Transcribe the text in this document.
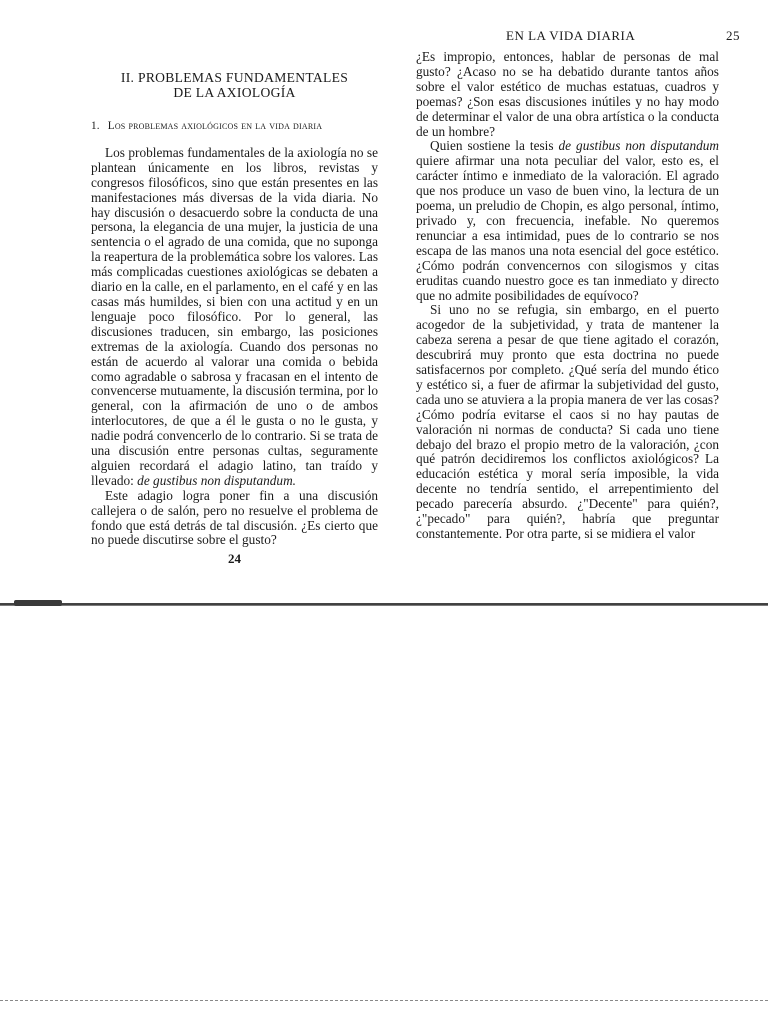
EN LA VIDA DIARIA	25
II. PROBLEMAS FUNDAMENTALES
DE LA AXIOLOGÍA
1. Los problemas axiológicos en la vida diaria

Los problemas fundamentales de la axiología no se plantean únicamente en los libros, revistas y congresos filosóficos, sino que están presentes en las manifestaciones más diversas de la vida diaria. No hay discusión o desacuerdo sobre la conducta de una persona, la elegancia de una mujer, la justicia de una sentencia o el agrado de una comida, que no suponga la reapertura de la problemática sobre los valores. Las más complicadas cuestiones axiológicas se debaten a diario en la calle, en el parlamento, en el café y en las casas más humildes, si bien con una actitud y en un lenguaje poco filosófico. Por lo general, las discusiones traducen, sin embargo, las posiciones extremas de la axiología. Cuando dos personas no están de acuerdo al valorar una comida o bebida como agradable o sabrosa y fracasan en el intento de convencerse mutuamente, la discusión termina, por lo general, con la afirmación de uno o de ambos interlocutores, de que a él le gusta o no le gusta, y nadie podrá convencerlo de lo contrario. Si se trata de una discusión entre personas cultas, seguramente alguien recordará el adagio latino, tan traído y llevado: de gustibus non disputandum.

Este adagio logra poner fin a una discusión callejera o de salón, pero no resuelve el problema de fondo que está detrás de tal discusión. ¿Es cierto que no puede discutirse sobre el gusto?

24

¿Es impropio, entonces, hablar de personas de mal gusto? ¿Acaso no se ha debatido durante tantos años sobre el valor estético de muchas estatuas, cuadros y poemas? ¿Son esas discusiones inútiles y no hay modo de determinar el valor de una obra artística o la conducta de un hombre?

Quien sostiene la tesis de gustibus non disputandum quiere afirmar una nota peculiar del valor, esto es, el carácter íntimo e inmediato de la valoración. El agrado que nos produce un vaso de buen vino, la lectura de un poema, un preludio de Chopin, es algo personal, íntimo, privado y, con frecuencia, inefable. No queremos renunciar a esa intimidad, pues de lo contrario se nos escapa de las manos una nota esencial del goce estético. ¿Cómo podrán convencernos con silogismos y citas eruditas cuando nuestro goce es tan inmediato y directo que no admite posibilidades de equívoco?

Si uno no se refugia, sin embargo, en el puerto acogedor de la subjetividad, y trata de mantener la cabeza serena a pesar de que tiene agitado el corazón, descubrirá muy pronto que esta doctrina no puede satisfacernos por completo. ¿Qué sería del mundo ético y estético si, a fuer de afirmar la subjetividad del gusto, cada uno se atuviera a la propia manera de ver las cosas? ¿Cómo podría evitarse el caos si no hay pautas de valoración ni normas de conducta? Si cada uno tiene debajo del brazo el propio metro de la valoración, ¿con qué patrón decidiremos los conflictos axiológicos? La educación estética y moral sería imposible, la vida decente no tendría sentido, el arrepentimiento del pecado parecería absurdo. ¿"Decente" para quién?, ¿"pecado" para quién?, habría que preguntar constantemente. Por otra parte, si se midiera el valor
